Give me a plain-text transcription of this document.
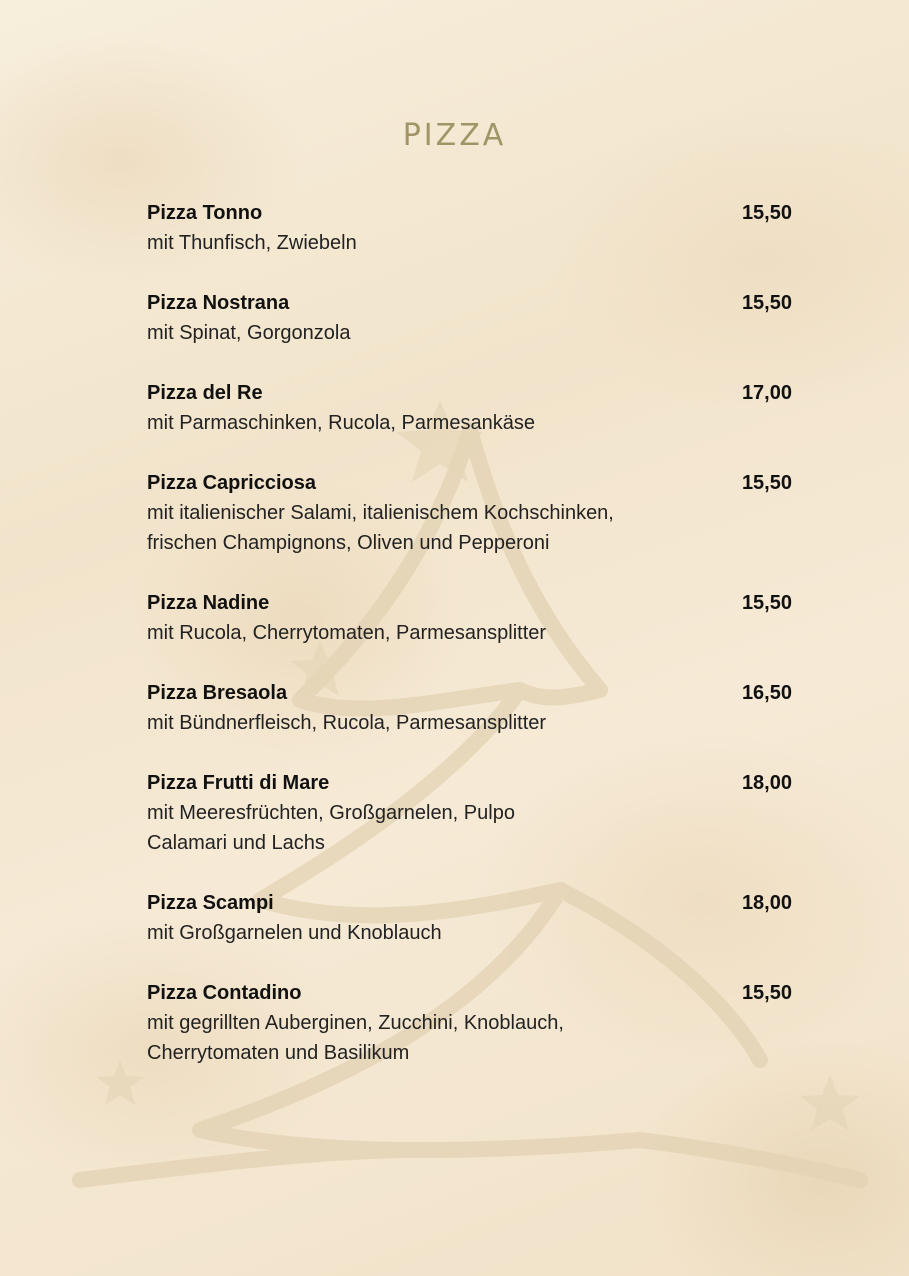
PIZZA
Pizza Tonno	15,50
mit Thunfisch, Zwiebeln
Pizza Nostrana	15,50
mit Spinat, Gorgonzola
Pizza del Re	17,00
mit Parmaschinken, Rucola, Parmesankäse
Pizza Capricciosa	15,50
mit italienischer Salami, italienischem Kochschinken,
frischen Champignons, Oliven und Pepperoni
Pizza Nadine	15,50
mit Rucola, Cherrytomaten, Parmesansplitter
Pizza Bresaola	16,50
mit Bündnerfleisch, Rucola, Parmesansplitter
Pizza Frutti di Mare	18,00
mit Meeresfrüchten, Großgarnelen, Pulpo
Calamari und Lachs
Pizza Scampi	18,00
mit Großgarnelen und Knoblauch
Pizza Contadino	15,50
mit gegrillten Auberginen, Zucchini, Knoblauch,
Cherrytomaten und Basilikum
